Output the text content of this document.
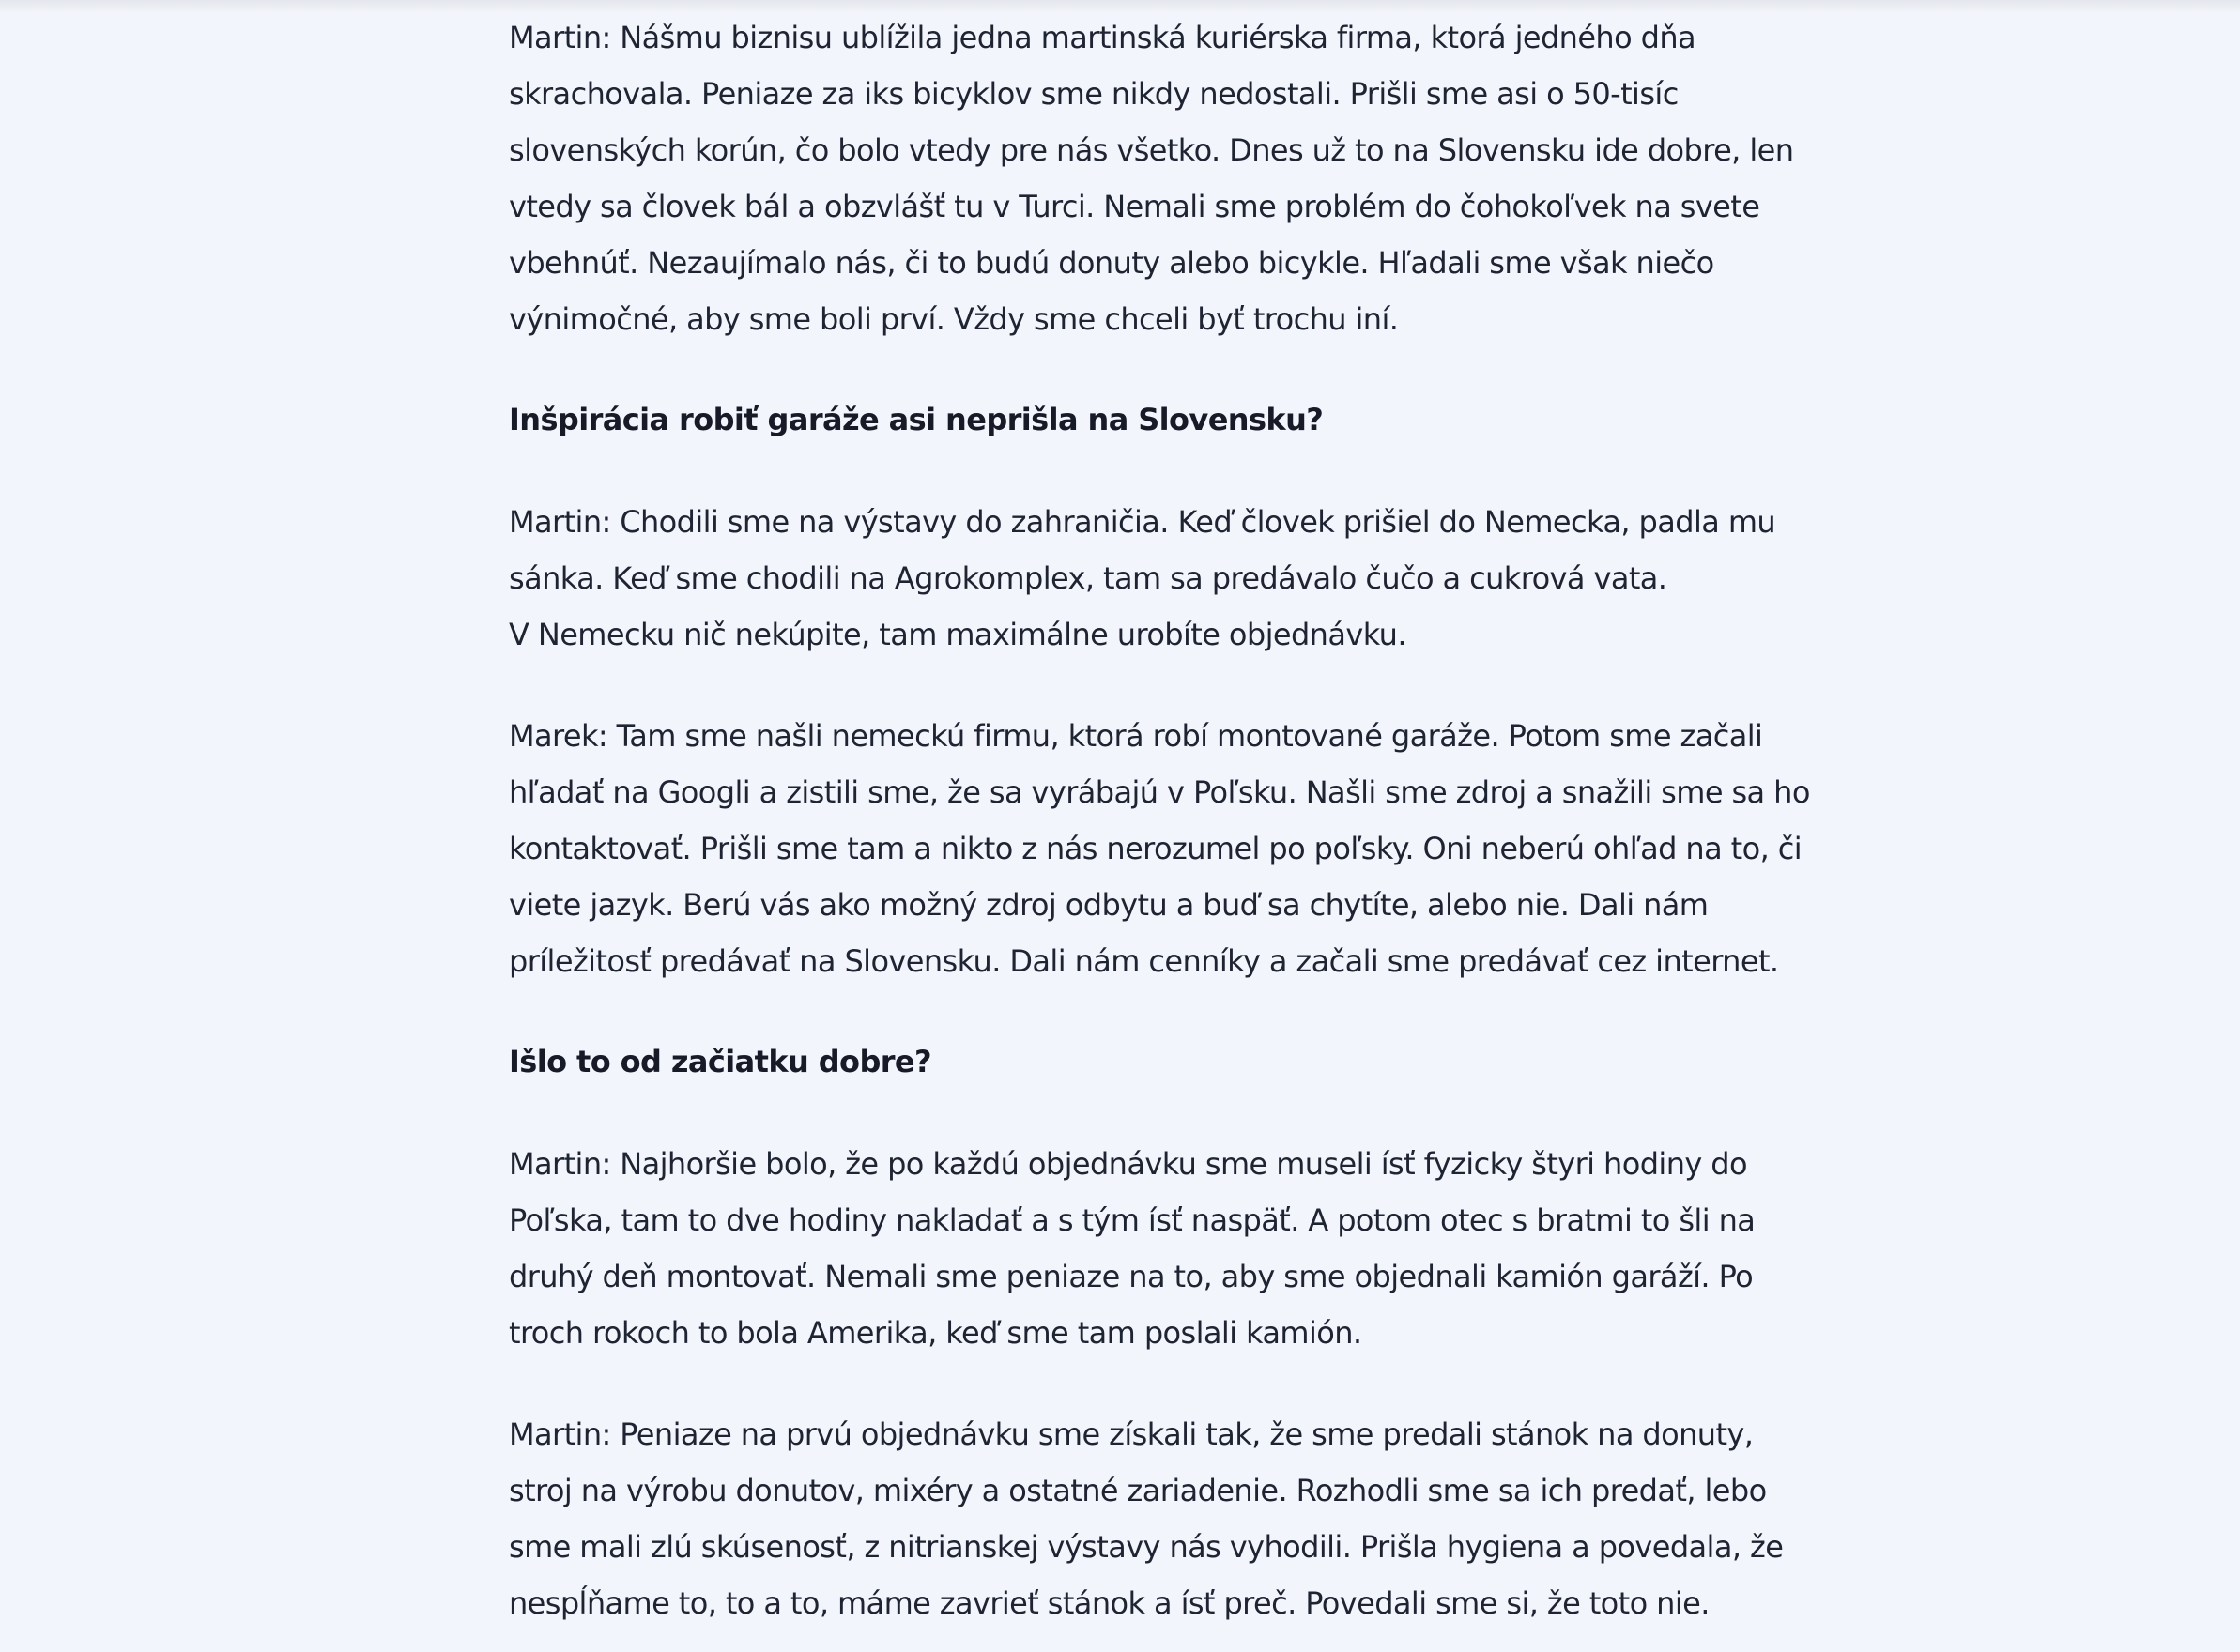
Martin: Nášmu biznisu ublížila jedna martinská kuriérska firma, ktorá jedného dňa
skrachovala. Peniaze za iks bicyklov sme nikdy nedostali. Prišli sme asi o 50-tisíc
slovenských korún, čo bolo vtedy pre nás všetko. Dnes už to na Slovensku ide dobre, len
vtedy sa človek bál a obzvlášť tu v Turci. Nemali sme problém do čohokoľvek na svete
vbehnúť. Nezaujímalo nás, či to budú donuty alebo bicykle. Hľadali sme však niečo
výnimočné, aby sme boli prví. Vždy sme chceli byť trochu iní.

Inšpirácia robiť garáže asi neprišla na Slovensku?

Martin: Chodili sme na výstavy do zahraničia. Keď človek prišiel do Nemecka, padla mu
sánka. Keď sme chodili na Agrokomplex, tam sa predávalo čučo a cukrová vata.
V Nemecku nič nekúpite, tam maximálne urobíte objednávku.

Marek: Tam sme našli nemeckú firmu, ktorá robí montované garáže. Potom sme začali
hľadať na Googli a zistili sme, že sa vyrábajú v Poľsku. Našli sme zdroj a snažili sme sa ho
kontaktovať. Prišli sme tam a nikto z nás nerozumel po poľsky. Oni neberú ohľad na to, či
viete jazyk. Berú vás ako možný zdroj odbytu a buď sa chytíte, alebo nie. Dali nám
príležitosť predávať na Slovensku. Dali nám cenníky a začali sme predávať cez internet.

Išlo to od začiatku dobre?

Martin: Najhoršie bolo, že po každú objednávku sme museli ísť fyzicky štyri hodiny do
Poľska, tam to dve hodiny nakladať a s tým ísť naspäť. A potom otec s bratmi to šli na
druhý deň montovať. Nemali sme peniaze na to, aby sme objednali kamión garáží. Po
troch rokoch to bola Amerika, keď sme tam poslali kamión.

Martin: Peniaze na prvú objednávku sme získali tak, že sme predali stánok na donuty,
stroj na výrobu donutov, mixéry a ostatné zariadenie. Rozhodli sme sa ich predať, lebo
sme mali zlú skúsenosť, z nitrianskej výstavy nás vyhodili. Prišla hygiena a povedala, že
nespĺňame to, to a to, máme zavrieť stánok a ísť preč. Povedali sme si, že toto nie.
